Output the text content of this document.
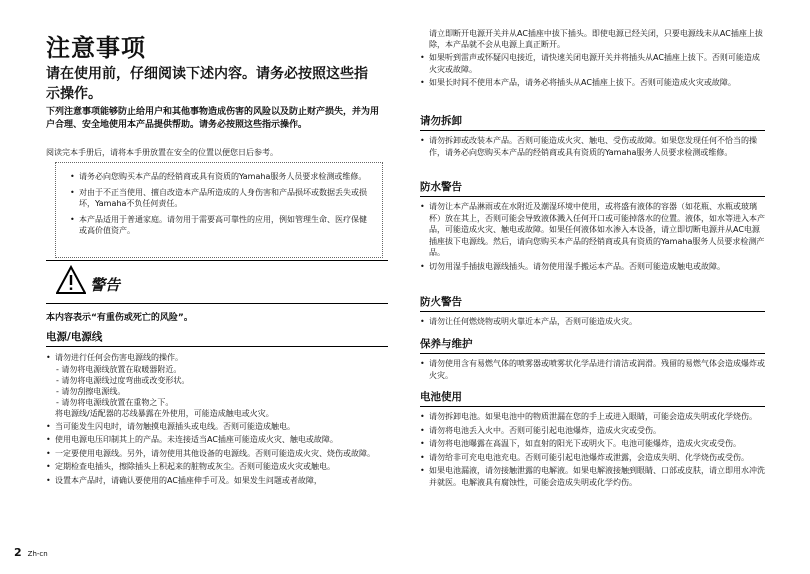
注意事项
请在使用前，仔细阅读下述内容。请务必按照这些指示操作。
下列注意事项能够防止给用户和其他事物造成伤害的风险以及防止财产损失，并为用户合理、安全地使用本产品提供帮助。请务必按照这些指示操作。
阅读完本手册后，请将本手册放置在安全的位置以便您日后参考。
• 请务必向您购买本产品的经销商或具有资质的Yamaha服务人员要求检测或维修。
• 对由于不正当使用、擅自改造本产品所造成的人身伤害和产品损坏或数据丢失或损坏，Yamaha不负任何责任。
• 本产品适用于普通家庭。请勿用于需要高可靠性的应用，例如管理生命、医疗保健或高价值资产。
警告
本内容表示“有重伤或死亡的风险”。
电源/电源线
• 请勿进行任何会伤害电源线的操作。
- 请勿将电源线放置在取暖器附近。
- 请勿将电源线过度弯曲或改变形状。
- 请勿刮擦电源线。
- 请勿将电源线放置在重物之下。
将电源线/适配器的芯线暴露在外使用，可能造成触电或火灾。
• 当可能发生闪电时，请勿触摸电源插头或电线。否则可能造成触电。
• 使用电源电压印制其上的产品。未连接适当AC插座可能造成火灾、触电或故障。
• 一定要使用电源线。另外，请勿使用其他设备的电源线。否则可能造成火灾、烧伤或故障。
• 定期检查电插头，擦除插头上积起来的脏物或灰尘。否则可能造成火灾或触电。
• 设置本产品时，请确认要使用的AC插座伸手可及。如果发生问题或者故障，
请立即断开电源开关并从AC插座中拔下插头。即使电源已经关闭，只要电源线未从AC插座上拔除，本产品就不会从电源上真正断开。
• 如果听到雷声或怀疑闪电接近，请快速关闭电源开关并将插头从AC插座上拔下。否则可能造成火灾或故障。
• 如果长时间不使用本产品，请务必将插头从AC插座上拔下。否则可能造成火灾或故障。
请勿拆卸
• 请勿拆卸或改装本产品。否则可能造成火灾、触电、受伤或故障。如果您发现任何不恰当的操作，请务必向您购买本产品的经销商或具有资质的Yamaha服务人员要求检测或维修。
防水警告
• 请勿让本产品淋雨或在水附近及潮湿环境中使用，或将盛有液体的容器（如花瓶、水瓶或玻璃杯）放在其上，否则可能会导致液体溅入任何开口或可能掉落水的位置。液体，如水等进入本产品，可能造成火灾、触电或故障。如果任何液体如水渗入本设备，请立即切断电源并从AC电源插座拔下电源线。然后，请向您购买本产品的经销商或具有资质的Yamaha服务人员要求检测产品。
• 切勿用湿手插拔电源线插头。请勿使用湿手搬运本产品。否则可能造成触电或故障。
防火警告
• 请勿让任何燃烧物或明火靠近本产品，否则可能造成火灾。
保养与维护
• 请勿使用含有易燃气体的喷雾器或喷雾状化学品进行清洁或润滑。残留的易燃气体会造成爆炸或火灾。
电池使用
• 请勿拆卸电池。如果电池中的物质泄漏在您的手上或进入眼睛，可能会造成失明或化学烧伤。
• 请勿将电池丢入火中。否则可能引起电池爆炸，造成火灾或受伤。
• 请勿将电池曝露在高温下，如直射的阳光下或明火下。电池可能爆炸，造成火灾或受伤。
• 请勿给非可充电电池充电。否则可能引起电池爆炸或泄露，会造成失明、化学烧伤或受伤。
• 如果电池漏液，请勿接触泄露的电解液。如果电解液接触到眼睛、口部或皮肤，请立即用水冲洗并就医。电解液具有腐蚀性，可能会造成失明或化学灼伤。
2 Zh-cn
